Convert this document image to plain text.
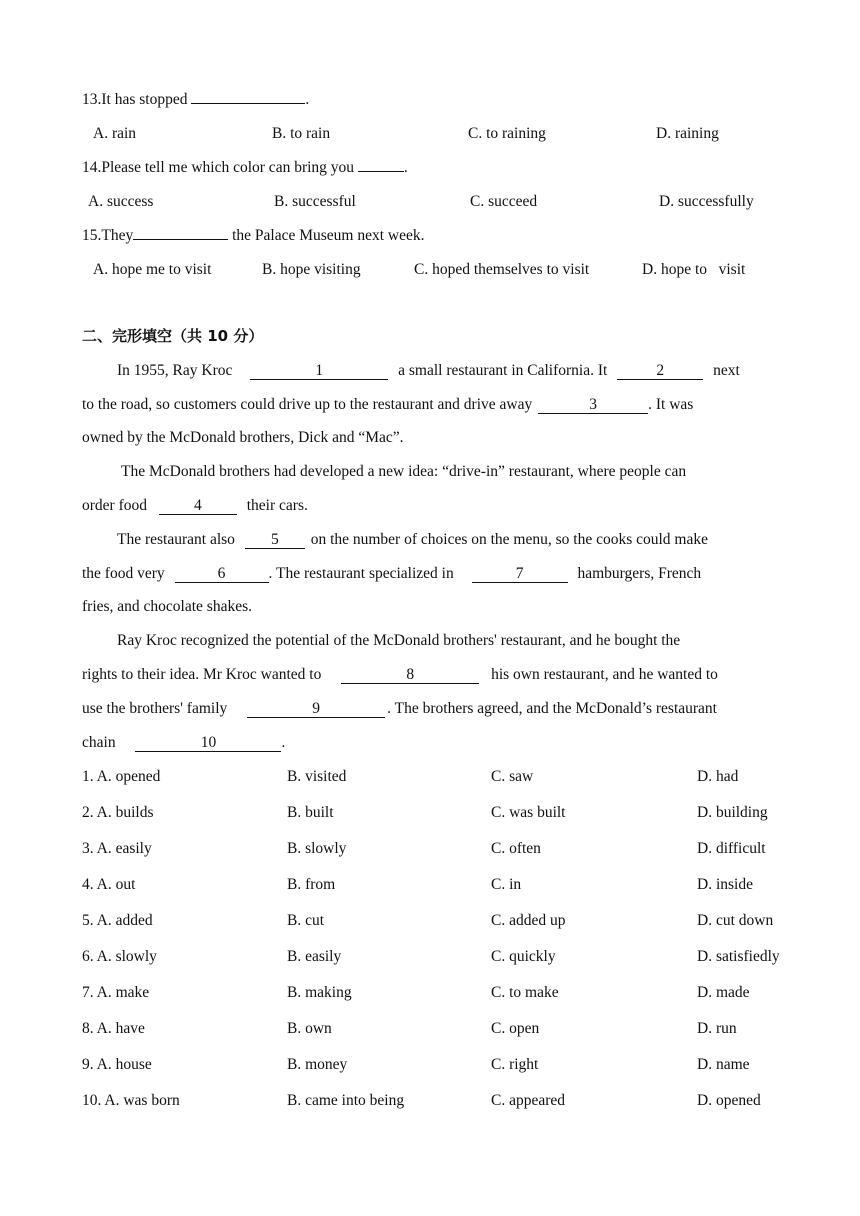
13.It has stopped	.
A. rain	B. to rain	C. to raining	D. raining
14.Please tell me which color can bring you	.
A. success	B. successful	C. succeed	D. successfully
15.They	the Palace Museum next week.
A. hope me to visit	B. hope visiting	C. hoped themselves to visit	D. hope to   visit
二、完形填空（共 10 分）
In 1955, Ray Kroc	1	a small restaurant in California. It	2	next
to the road, so customers could drive up to the restaurant and drive away	3	. It was
owned by the McDonald brothers, Dick and “Mac”.
The McDonald brothers had developed a new idea: “drive-in” restaurant, where people can
order food	4	their cars.
The restaurant also 5 on the number of choices on the menu, so the cooks could make
the food very	6	. The restaurant specialized in	7	hamburgers, French
fries, and chocolate shakes.
Ray Kroc recognized the potential of the McDonald brothers' restaurant, and he bought the
rights to their idea. Mr Kroc wanted to	8	his own restaurant, and he wanted to
use the brothers' family	9	. The brothers agreed, and the McDonald’s restaurant
chain	10	.
1. A. opened	B. visited	C. saw	D. had
2. A. builds	B. built	C. was built	D. building
3. A. easily	B. slowly	C. often	D. difficult
4. A. out	B. from	C. in	D. inside
5. A. added	B. cut	C. added up	D. cut down
6. A. slowly	B. easily	C. quickly	D. satisfiedly
7. A. make	B. making	C. to make	D. made
8. A. have	B. own	C. open	D. run
9. A. house	B. money	C. right	D. name
10. A. was born	B. came into being	C. appeared	D. opened
